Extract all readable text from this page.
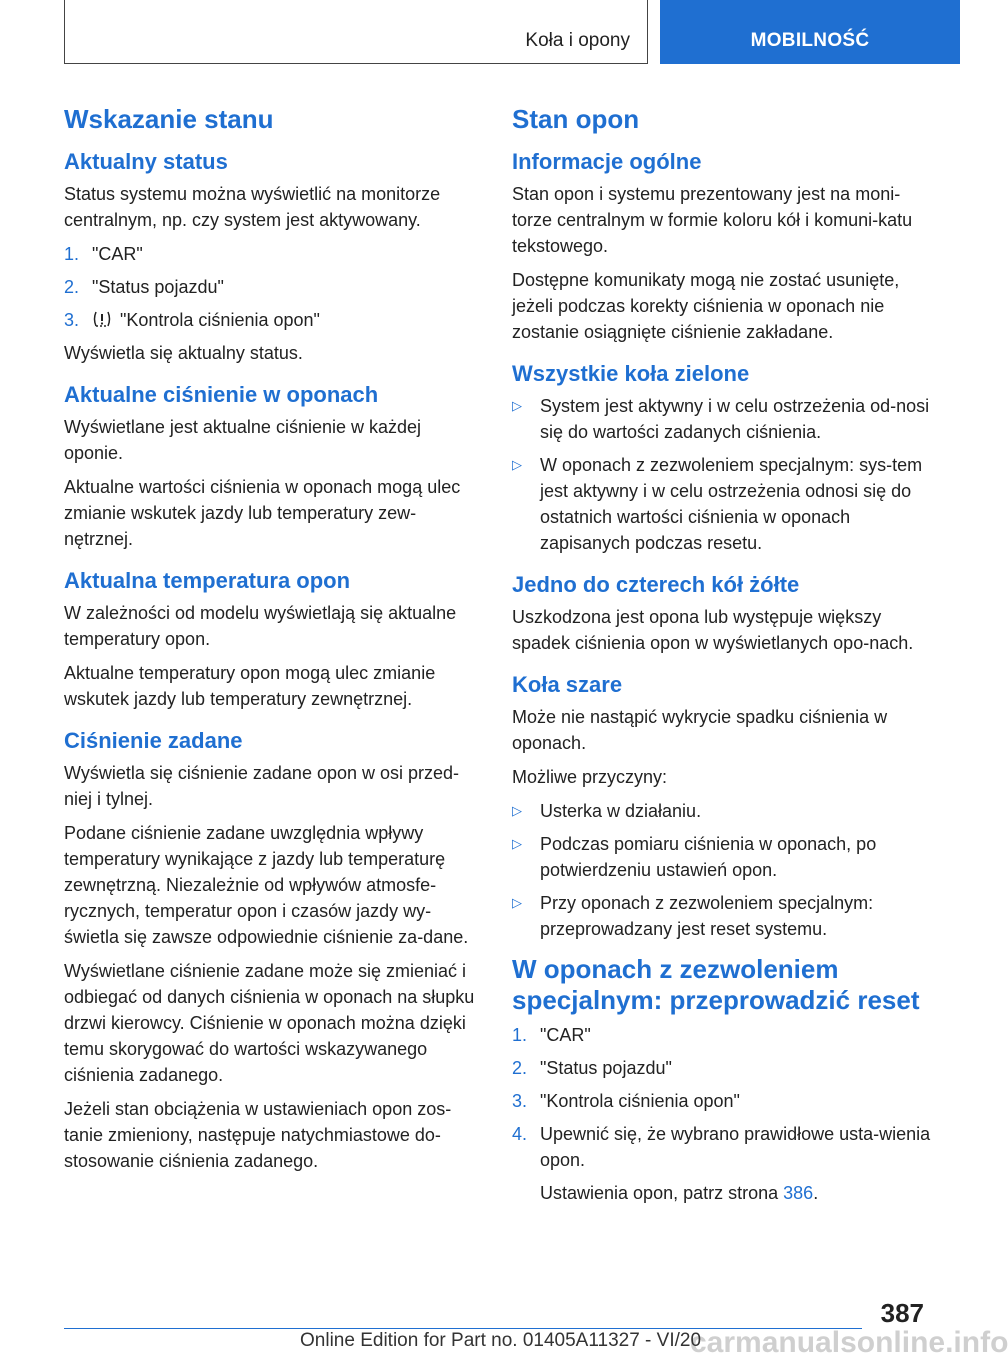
Koła i opony	MOBILNOŚĆ
Wskazanie stanu
Aktualny status

Status systemu można wyświetlić na monitorze centralnym, np. czy system jest aktywowany.

1. "CAR"
2. "Status pojazdu"
3.	"Kontrola ciśnienia opon"

Wyświetla się aktualny status.

Aktualne ciśnienie w oponach

Wyświetlane jest aktualne ciśnienie w każdej oponie.

Aktualne wartości ciśnienia w oponach mogą ulec zmianie wskutek jazdy lub temperatury zew-nętrznej.

Aktualna temperatura opon

W zależności od modelu wyświetlają się aktualne temperatury opon.

Aktualne temperatury opon mogą ulec zmianie wskutek jazdy lub temperatury zewnętrznej.

Ciśnienie zadane

Wyświetla się ciśnienie zadane opon w osi przed-niej i tylnej.

Podane ciśnienie zadane uwzględnia wpływy temperatury wynikające z jazdy lub temperaturę zewnętrzną. Niezależnie od wpływów atmosfe-rycznych, temperatur opon i czasów jazdy wy-świetla się zawsze odpowiednie ciśnienie za-dane.

Wyświetlane ciśnienie zadane może się zmieniać i odbiegać od danych ciśnienia w oponach na słupku drzwi kierowcy. Ciśnienie w oponach można dzięki temu skorygować do wartości wskazywanego ciśnienia zadanego.

Jeżeli stan obciążenia w ustawieniach opon zos-tanie zmieniony, następuje natychmiastowe do-stosowanie ciśnienia zadanego.

Stan opon
Informacje ogólne

Stan opon i systemu prezentowany jest na moni-torze centralnym w formie koloru kół i komuni-katu tekstowego.

Dostępne komunikaty mogą nie zostać usunięte, jeżeli podczas korekty ciśnienia w oponach nie zostanie osiągnięte ciśnienie zakładane.

Wszystkie koła zielone
▷	System jest aktywny i w celu ostrzeżenia od-nosi się do wartości zadanych ciśnienia.
▷	W oponach z zezwoleniem specjalnym: sys-tem jest aktywny i w celu ostrzeżenia odnosi się do ostatnich wartości ciśnienia w oponach zapisanych podczas resetu.
Jedno do czterech kół żółte

Uszkodzona jest opona lub występuje większy spadek ciśnienia opon w wyświetlanych opo-nach.

Koła szare

Może nie nastąpić wykrycie spadku ciśnienia w oponach.

Możliwe przyczyny:

▷	Usterka w działaniu.
▷	Podczas pomiaru ciśnienia w oponach, po potwierdzeniu ustawień opon.
▷	Przy oponach z zezwoleniem specjalnym: przeprowadzany jest reset systemu.
W oponach z zezwoleniem specjalnym: przeprowadzić reset
1. "CAR"
2. "Status pojazdu"
3. "Kontrola ciśnienia opon"
4. Upewnić się, że wybrano prawidłowe usta-wienia opon.

Ustawienia opon, patrz strona 386.

387
carmanualsonline.info
Online Edition for Part no. 01405A11327 - VI/20
